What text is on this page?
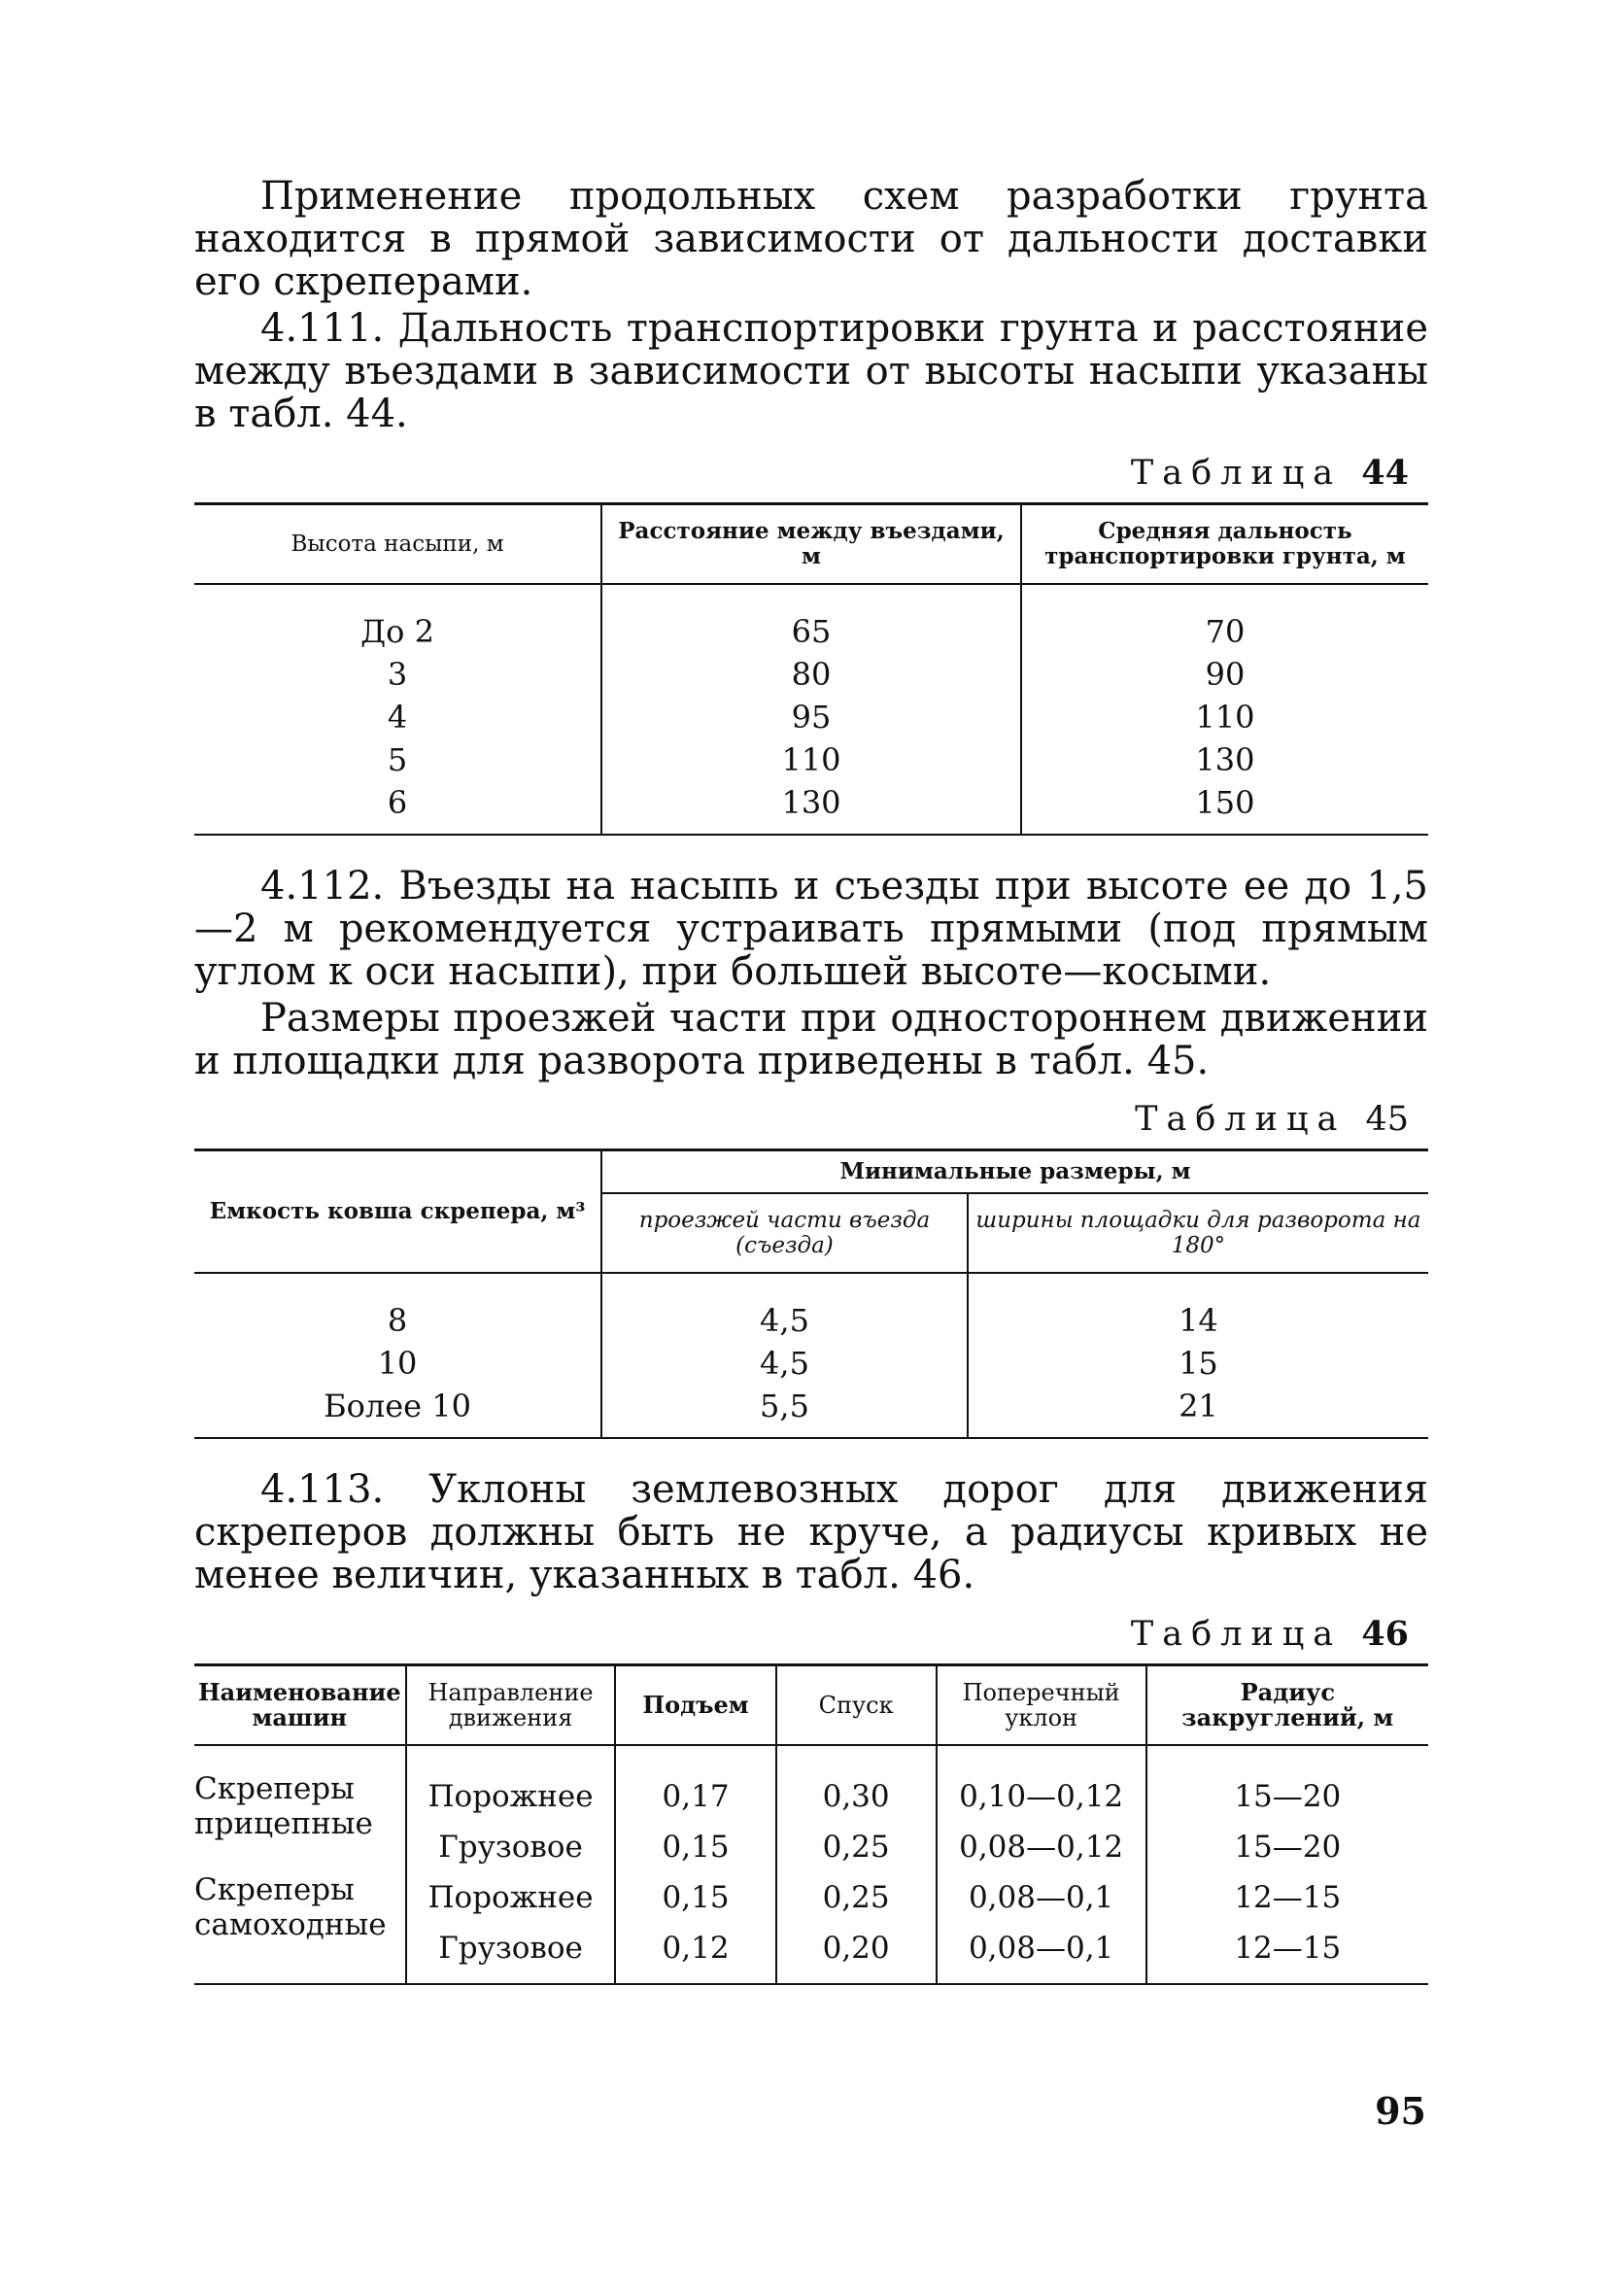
Применение продольных схем разработки грунта находится в прямой зависимости от дальности доставки его скреперами.

4.111. Дальность транспортировки грунта и расстояние между въездами в зависимости от высоты насыпи указаны в табл. 44.

Таблица 44
Высота насыпи, м	Расстояние между въездами, м	Средняя дальность транспортировки грунта, м
До 2	65	70
3	80	90
4	95	110
5	110	130
6	130	150

4.112. Въезды на насыпь и съезды при высоте ее до 1,5—2 м рекомендуется устраивать прямыми (под прямым углом к оси насыпи), при большей высоте—косыми.

Размеры проезжей части при одностороннем движении и площадки для разворота приведены в табл. 45.

Таблица 45
Емкость ковша скрепера, м³	Минимальные размеры, м	
	проезжей части въезда (съезда)	ширины площадки для разворота на 180°
8	4,5	14
10	4,5	15
Более 10	5,5	21

4.113. Уклоны землевозных дорог для движения скреперов должны быть не круче, а радиусы кривых не менее величин, указанных в табл. 46.

Таблица 46
Наименование машин	Направление движения	Подъем	Спуск	Поперечный уклон	Радиус закруглений, м
Скреперы прицепные	Порожнее	0,17	0,30	0,10—0,12	15—20
	Грузовое	0,15	0,25	0,08—0,12	15—20
Скреперы самоходные	Порожнее	0,15	0,25	0,08—0,1	12—15
	Грузовое	0,12	0,20	0,08—0,1	12—15
95
